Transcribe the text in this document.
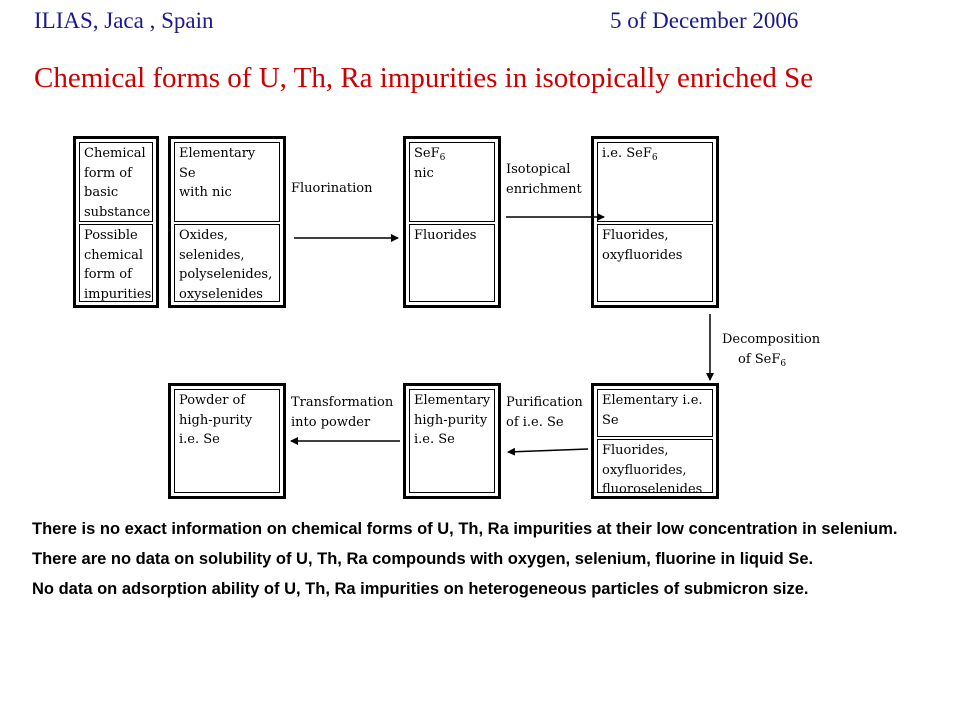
ILIAS, Jaca , Spain	5 of December 2006
Chemical forms of U, Th, Ra impurities in isotopically enriched Se
Chemical
form of
basic
substance
Possible
chemical
form of
impurities
Elementary
Se
with nic
Oxides,
selenides,
polyselenides,
oxyselenides
Fluorination
SeF$_6$
nic
Fluorides
Isotopical
enrichment
i.e. SeF$_6$
Fluorides,
oxyfluorides
Decomposition
of SeF$_6$
Elementary i.e.
Se
Fluorides,
oxyfluorides,
fluoroselenides
Purification
of i.e. Se
Elementary
high-purity
i.e. Se
Transformation
into powder
Powder of
high-purity
i.e. Se

There is no exact information on chemical forms of U, Th, Ra impurities at their low concentration in selenium.

There are no data on solubility of U, Th, Ra compounds with oxygen, selenium, fluorine in liquid Se.

No data on adsorption ability of U, Th, Ra impurities on heterogeneous particles of submicron size.
